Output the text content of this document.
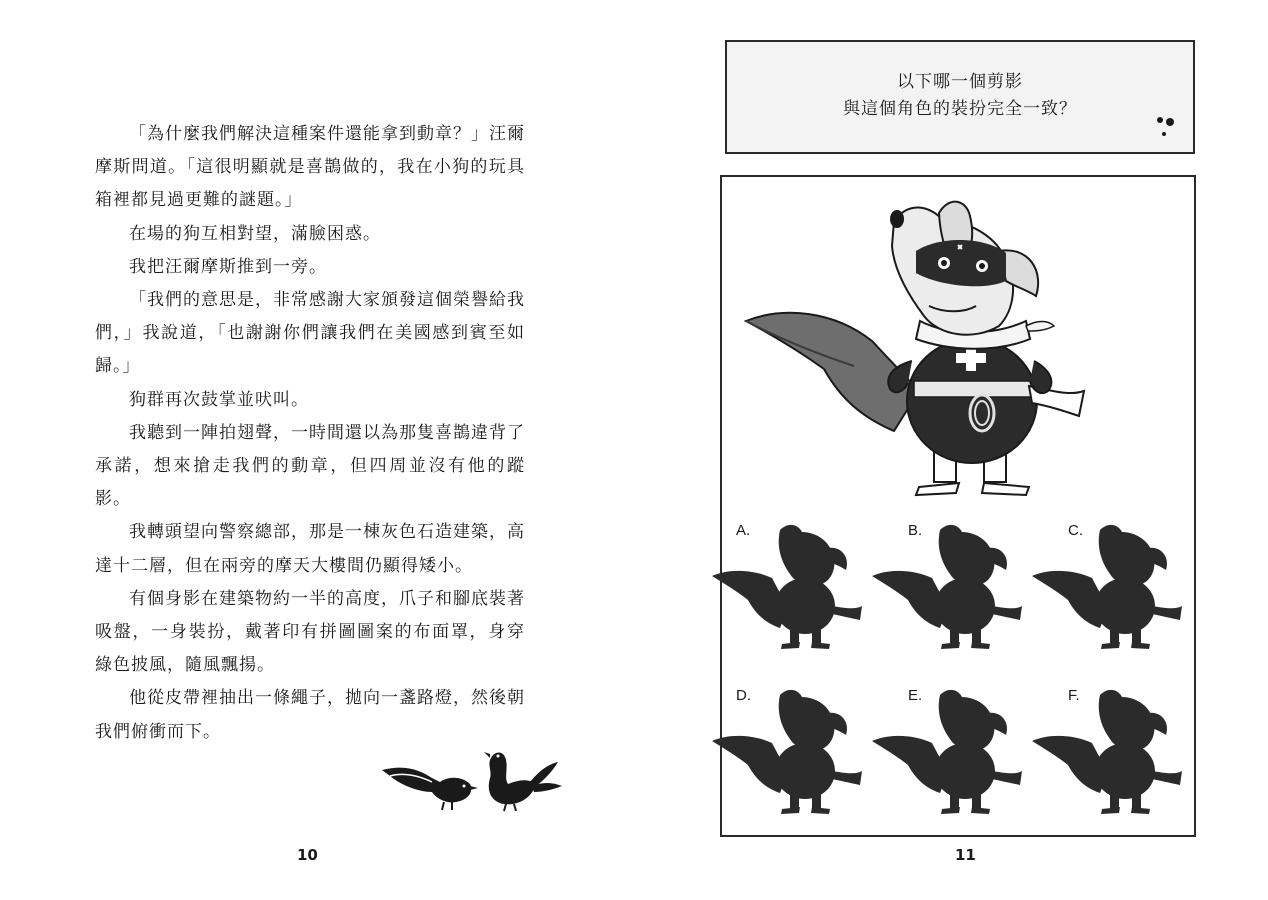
「為什麼我們解決這種案件還能拿到動章？」汪爾摩斯問道。「這很明顯就是喜鵲做的，我在小狗的玩具箱裡都見過更難的謎題。」

在場的狗互相對望，滿臉困惑。

我把汪爾摩斯推到一旁。

「我們的意思是，非常感謝大家頒發這個榮譽給我們，」我說道，「也謝謝你們讓我們在美國感到賓至如歸。」

狗群再次鼓掌並吠叫。

我聽到一陣拍翅聲，一時間還以為那隻喜鵲違背了承諾，想來搶走我們的動章，但四周並沒有他的蹤影。

我轉頭望向警察總部，那是一棟灰色石造建築，高達十二層，但在兩旁的摩天大樓間仍顯得矮小。

有個身影在建築物約一半的高度，爪子和腳底裝著吸盤，一身裝扮，戴著印有拼圖圖案的布面罩，身穿綠色披風，隨風飄揚。

他從皮帶裡抽出一條繩子，拋向一盞路燈，然後朝我們俯衝而下。

10
以下哪一個剪影
與這個角色的裝扮完全一致？
A.	B.	C.
D.	E.	F.
11
